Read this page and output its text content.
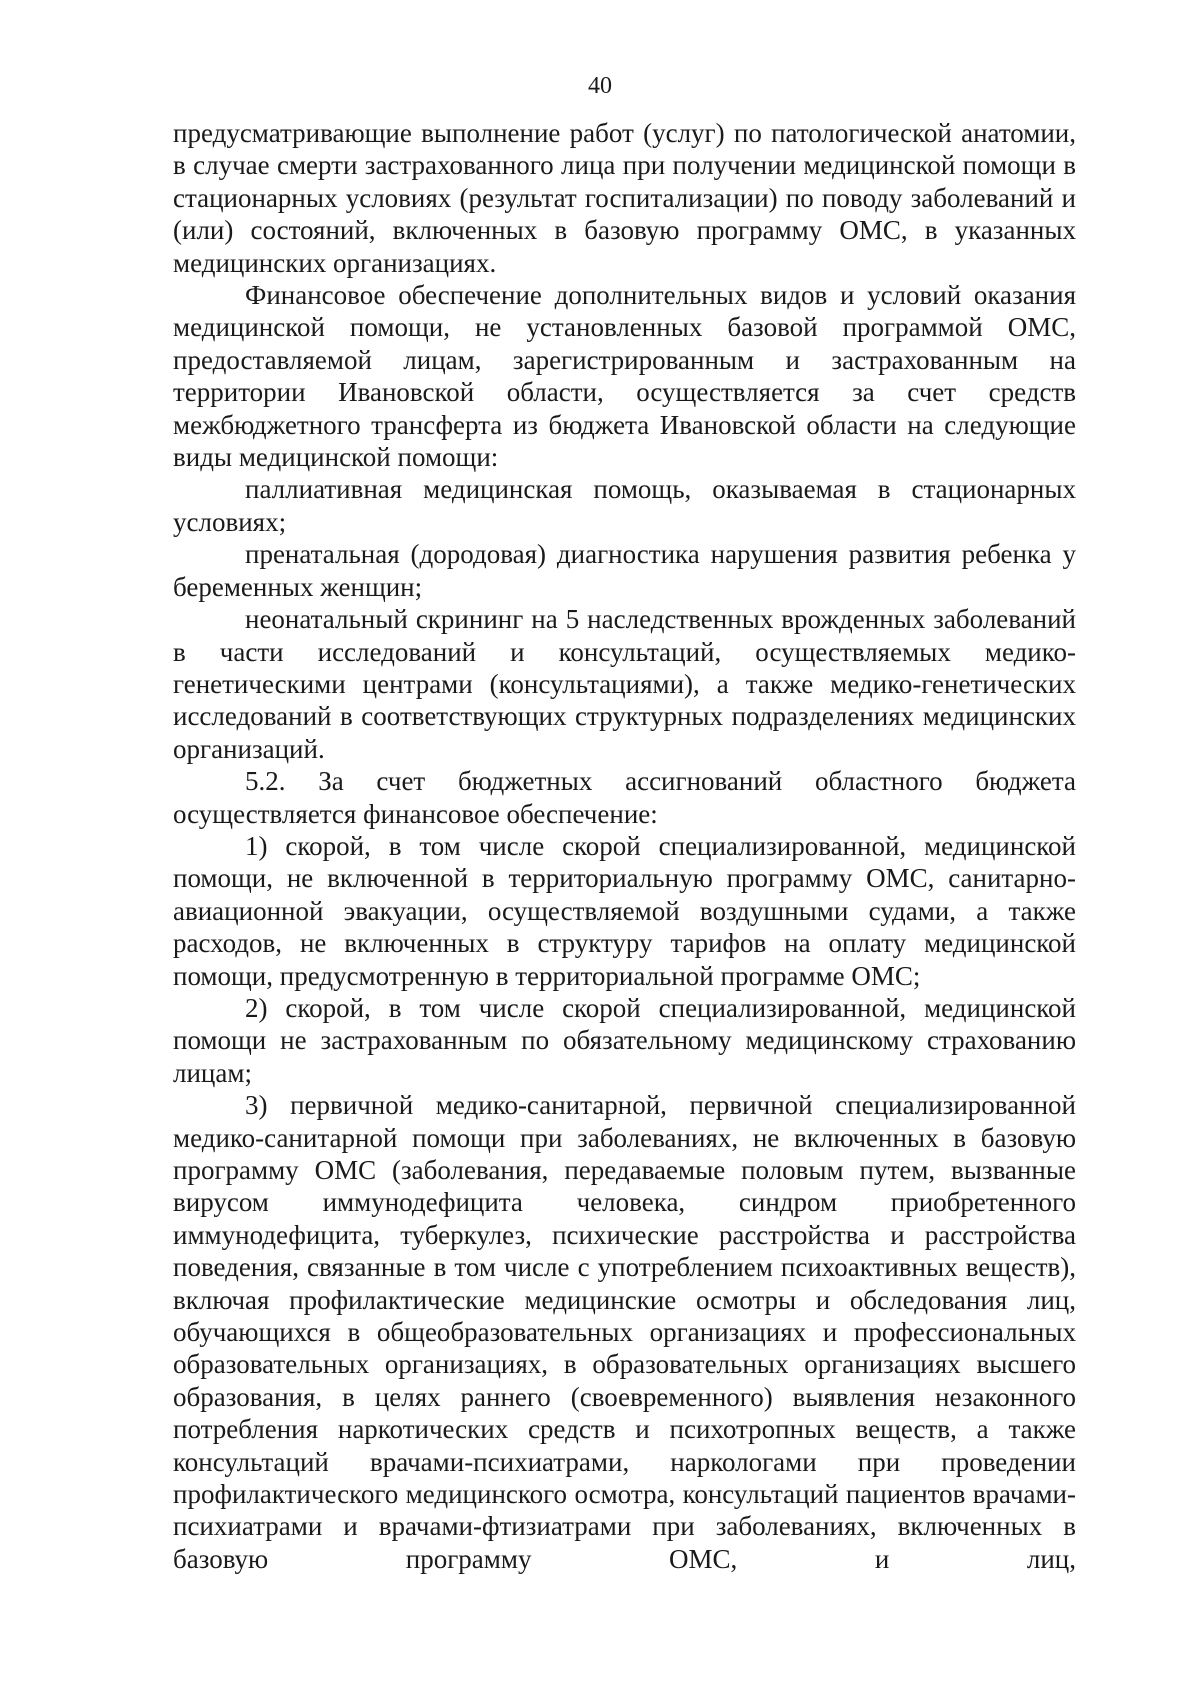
40

предусматривающие выполнение работ (услуг) по патологической анатомии, в случае смерти застрахованного лица при получении медицинской помощи в стационарных условиях (результат госпитализации) по поводу заболеваний и (или) состояний, включенных в базовую программу ОМС, в указанных медицинских организациях.

Финансовое обеспечение дополнительных видов и условий оказания медицинской помощи, не установленных базовой программой ОМС, предоставляемой лицам, зарегистрированным и застрахованным на территории Ивановской области, осуществляется за счет средств межбюджетного трансферта из бюджета Ивановской области на следующие виды медицинской помощи:

паллиативная медицинская помощь, оказываемая в стационарных условиях;

пренатальная (дородовая) диагностика нарушения развития ребенка у беременных женщин;

неонатальный скрининг на 5 наследственных врожденных заболеваний в части исследований и консультаций, осуществляемых медико-генетическими центрами (консультациями), а также медико-генетических исследований в соответствующих структурных подразделениях медицинских организаций.

5.2. За счет бюджетных ассигнований областного бюджета осуществляется финансовое обеспечение:

1) скорой, в том числе скорой специализированной, медицинской помощи, не включенной в территориальную программу ОМС, санитарно-авиационной эвакуации, осуществляемой воздушными судами, а также расходов, не включенных в структуру тарифов на оплату медицинской помощи, предусмотренную в территориальной программе ОМС;

2) скорой, в том числе скорой специализированной, медицинской помощи не застрахованным по обязательному медицинскому страхованию лицам;

3) первичной медико-санитарной, первичной специализированной медико-санитарной помощи при заболеваниях, не включенных в базовую программу ОМС (заболевания, передаваемые половым путем, вызванные вирусом иммунодефицита человека, синдром приобретенного иммунодефицита, туберкулез, психические расстройства и расстройства поведения, связанные в том числе с употреблением психоактивных веществ), включая профилактические медицинские осмотры и обследования лиц, обучающихся в общеобразовательных организациях и профессиональных образовательных организациях, в образовательных организациях высшего образования, в целях раннего (своевременного) выявления незаконного потребления наркотических средств и психотропных веществ, а также консультаций врачами-психиатрами, наркологами при проведении профилактического медицинского осмотра, консультаций пациентов врачами-психиатрами и врачами-фтизиатрами при заболеваниях, включенных в базовую программу ОМС, и лиц,
